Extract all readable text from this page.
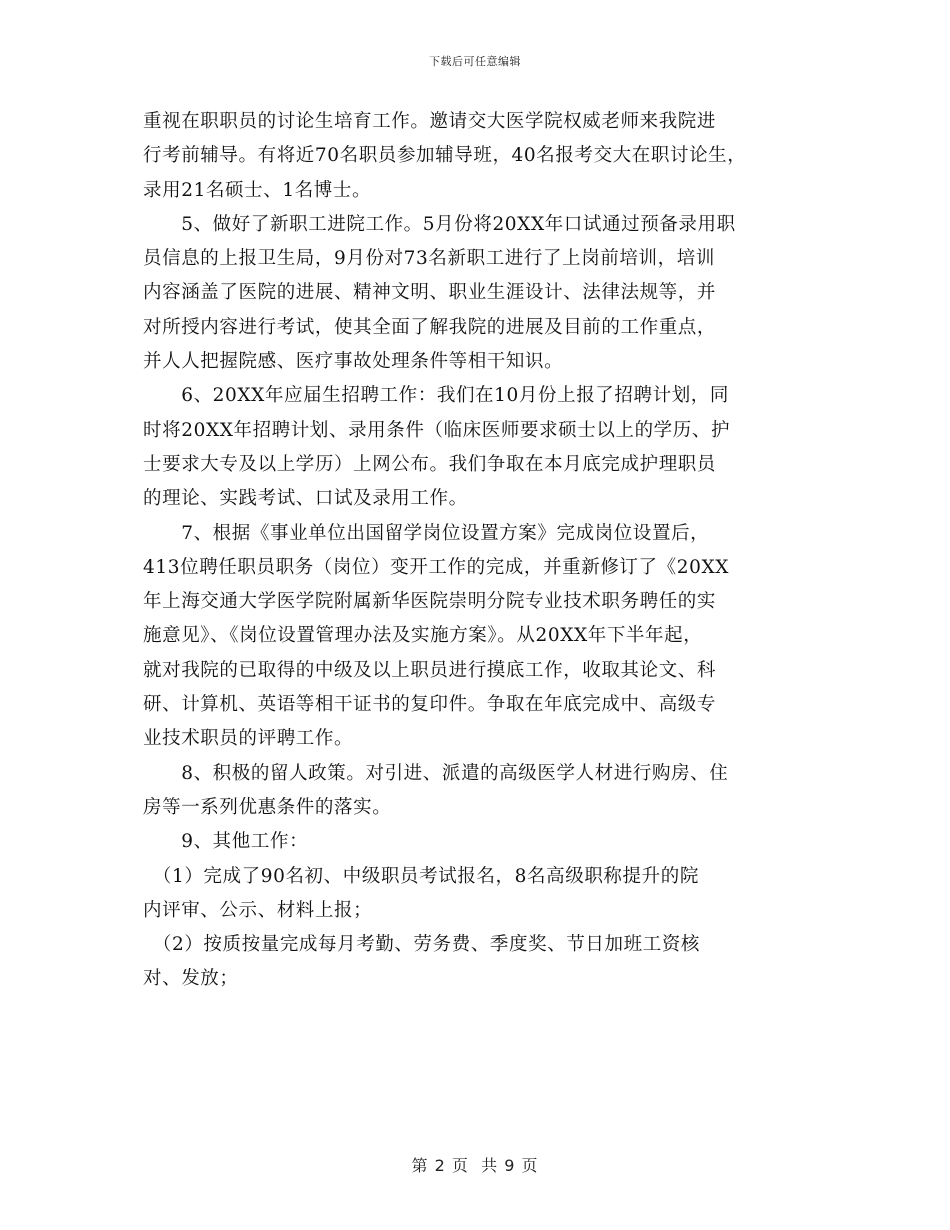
下载后可任意编辑
重视在职职员的讨论生培育工作。邀请交大医学院权威老师来我院进
行考前辅导。有将近70名职员参加辅导班，40名报考交大在职讨论生，
录用21名硕士、1名博士。
　　5、做好了新职工进院工作。5月份将20XX年口试通过预备录用职
员信息的上报卫生局，9月份对73名新职工进行了上岗前培训，培训
内容涵盖了医院的进展、精神文明、职业生涯设计、法律法规等，并
对所授内容进行考试，使其全面了解我院的进展及目前的工作重点，
并人人把握院感、医疗事故处理条件等相干知识。
　　6、20XX年应届生招聘工作：我们在10月份上报了招聘计划，同
时将20XX年招聘计划、录用条件（临床医师要求硕士以上的学历、护
士要求大专及以上学历）上网公布。我们争取在本月底完成护理职员
的理论、实践考试、口试及录用工作。
　　7、根据《事业单位出国留学岗位设置方案》完成岗位设置后，
413位聘任职员职务（岗位）变开工作的完成，并重新修订了《20XX
年上海交通大学医学院附属新华医院崇明分院专业技术职务聘任的实
施意见》、《岗位设置管理办法及实施方案》。从20XX年下半年起，
就对我院的已取得的中级及以上职员进行摸底工作，收取其论文、科
研、计算机、英语等相干证书的复印件。争取在年底完成中、高级专
业技术职员的评聘工作。
　　8、积极的留人政策。对引进、派遣的高级医学人材进行购房、住
房等一系列优惠条件的落实。
　　9、其他工作：
　（1）完成了90名初、中级职员考试报名，8名高级职称提升的院
内评审、公示、材料上报；
　（2）按质按量完成每月考勤、劳务费、季度奖、节日加班工资核
对、发放；
第 2 页  共 9 页
